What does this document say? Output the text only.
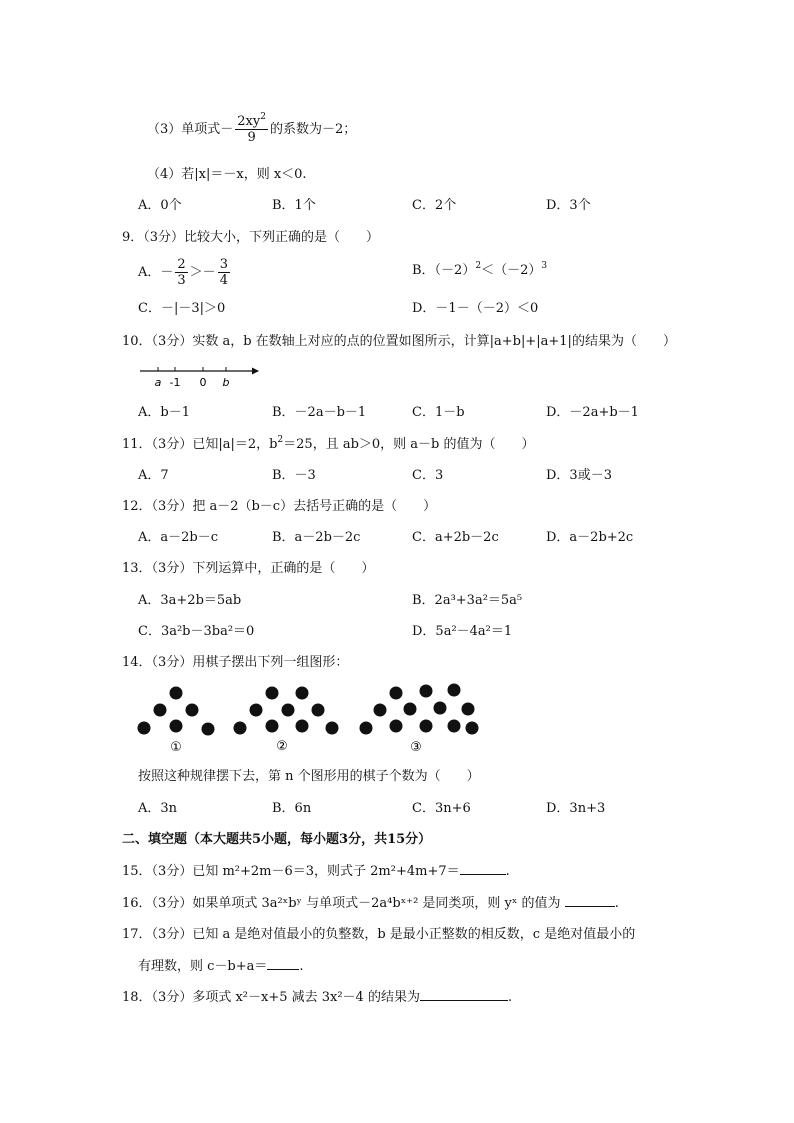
（3）单项式－ $\frac{2xy^2}{9}$ 的系数为－2；
（4）若|x|＝－x，则 x＜0.
A．0个	B．1个	C．2个	D．3个
9．（3分）比较大小，下列正确的是（　　）
A．－ $\frac{2}{3} >- \frac{3}{4}$	B．$(-2)^2<(-2)^3$
C．－|－3|＞0	D．－1－（－2）＜0
10．（3分）实数 a，b 在数轴上对应的点的位置如图所示，计算|a+b|+|a+1|的结果为（　　）
a -1 0 b
A．b－1	B．－2a－b－1	C．1－b	D．－2a+b－1
11．（3分）已知|a|＝2，$b^2=25$，且 ab＞0，则 a－b 的值为（　　）
A．7	B．－3	C．3	D．3或－3
12．（3分）把 a－2（b－c）去括号正确的是（　　）
A．a－2b－c	B．a－2b－2c	C．a+2b－2c	D．a－2b+2c
13．（3分）下列运算中，正确的是（　　）
A．3a+2b＝5ab	B．2a³+3a²＝5a⁵
C．3a²b－3ba²＝0	D．5a²－4a²＝1
14．（3分）用棋子摆出下列一组图形：
①	②	③
按照这种规律摆下去，第 n 个图形用的棋子个数为（　　）
A．3n	B．6n	C．3n+6	D．3n+3
二、填空题（本大题共5小题，每小题3分，共15分）
15．（3分）已知 m²+2m－6＝3，则式子 2m²+4m+7＝	.
16．（3分）如果单项式 3a²ˣbʸ 与单项式－2a⁴bˣ⁺² 是同类项，则 yˣ 的值为	.
17．（3分）已知 a 是绝对值最小的负整数，b 是最小正整数的相反数，c 是绝对值最小的
有理数，则 c－b+a＝ .
18．（3分）多项式 x²－x+5 减去 3x²－4 的结果为	.
